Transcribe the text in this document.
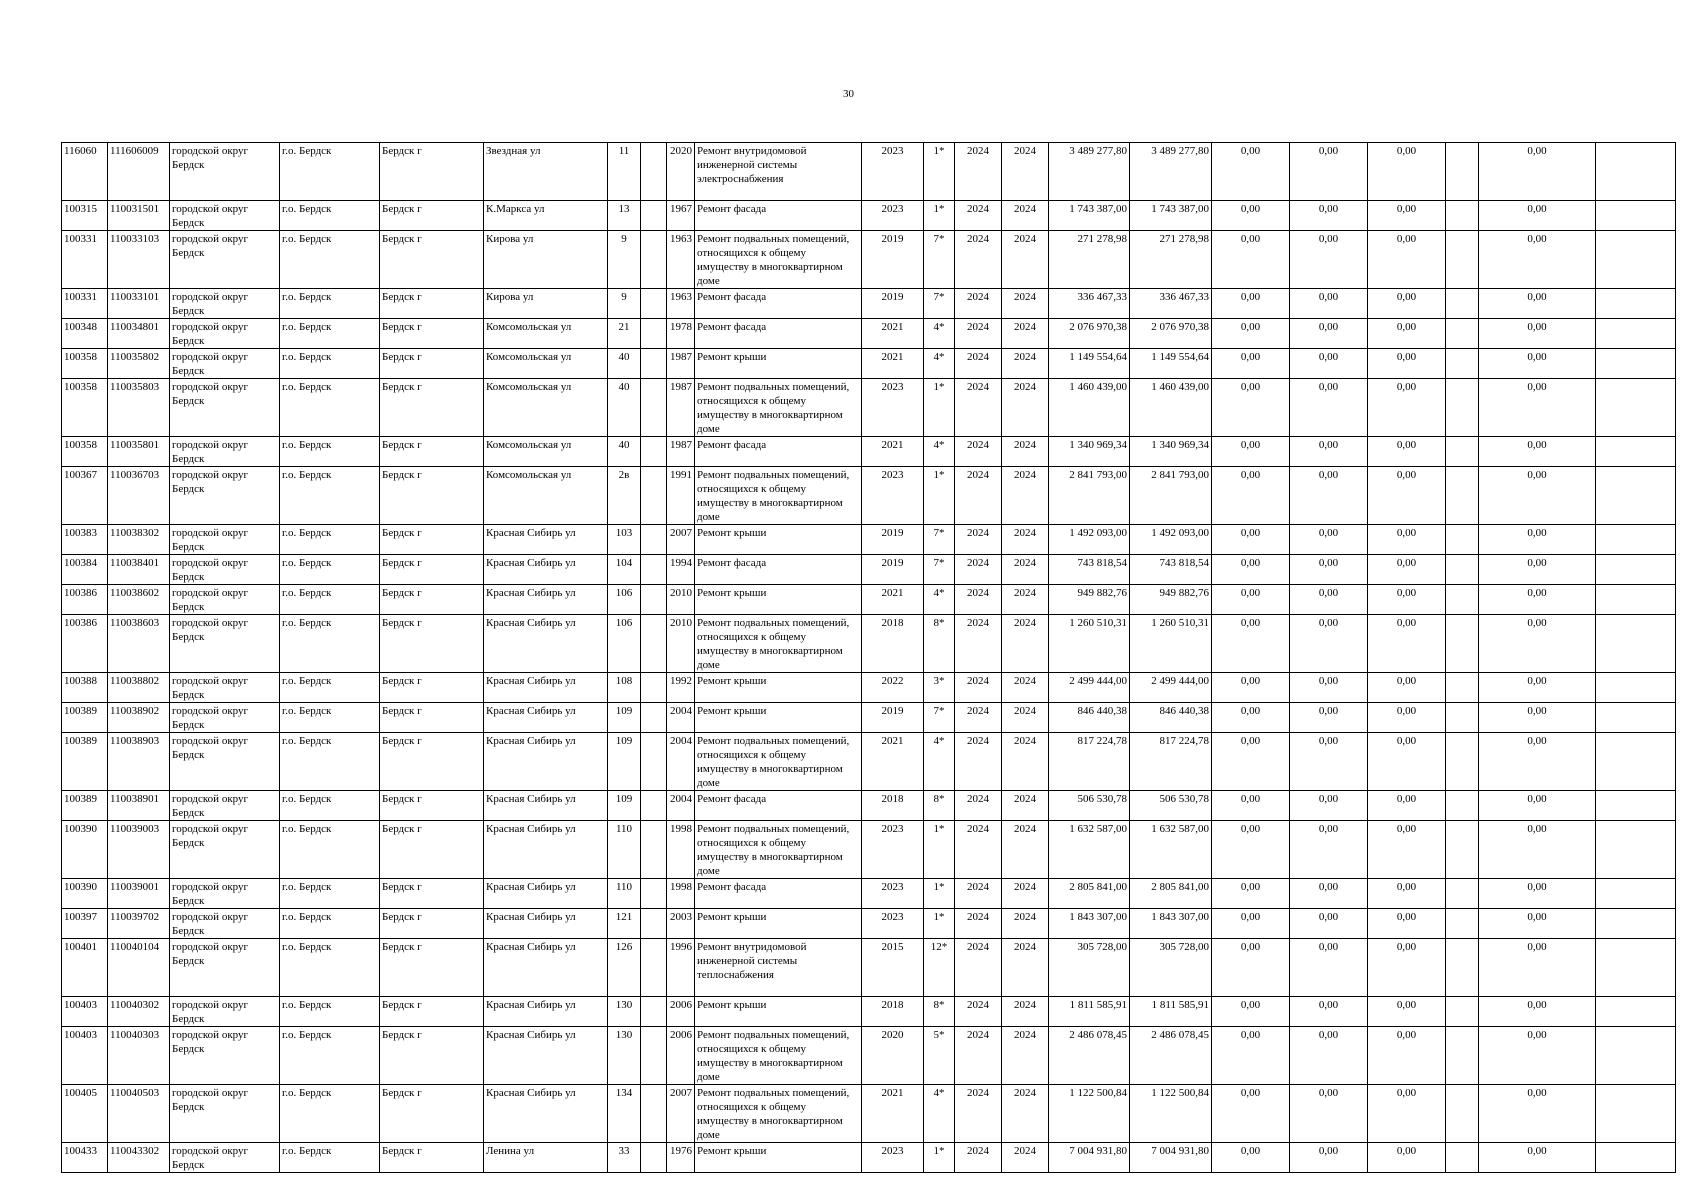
30
116060	111606009	городской округ Бердск	г.о. Бердск	Бердск г	Звездная ул	11		2020	Ремонт внутридомовой инженерной системы электроснабжения	2023	1*	2024	2024	3 489 277,80	3 489 277,80	0,00	0,00	0,00		0,00	
100315	110031501	городской округ Бердск	г.о. Бердск	Бердск г	К.Маркса ул	13		1967	Ремонт фасада	2023	1*	2024	2024	1 743 387,00	1 743 387,00	0,00	0,00	0,00		0,00	
100331	110033103	городской округ Бердск	г.о. Бердск	Бердск г	Кирова ул	9		1963	Ремонт подвальных помещений, относящихся к общему имуществу в многоквартирном доме	2019	7*	2024	2024	271 278,98	271 278,98	0,00	0,00	0,00		0,00	
100331	110033101	городской округ Бердск	г.о. Бердск	Бердск г	Кирова ул	9		1963	Ремонт фасада	2019	7*	2024	2024	336 467,33	336 467,33	0,00	0,00	0,00		0,00	
100348	110034801	городской округ Бердск	г.о. Бердск	Бердск г	Комсомольская ул	21		1978	Ремонт фасада	2021	4*	2024	2024	2 076 970,38	2 076 970,38	0,00	0,00	0,00		0,00	
100358	110035802	городской округ Бердск	г.о. Бердск	Бердск г	Комсомольская ул	40		1987	Ремонт крыши	2021	4*	2024	2024	1 149 554,64	1 149 554,64	0,00	0,00	0,00		0,00	
100358	110035803	городской округ Бердск	г.о. Бердск	Бердск г	Комсомольская ул	40		1987	Ремонт подвальных помещений, относящихся к общему имуществу в многоквартирном доме	2023	1*	2024	2024	1 460 439,00	1 460 439,00	0,00	0,00	0,00		0,00	
100358	110035801	городской округ Бердск	г.о. Бердск	Бердск г	Комсомольская ул	40		1987	Ремонт фасада	2021	4*	2024	2024	1 340 969,34	1 340 969,34	0,00	0,00	0,00		0,00	
100367	110036703	городской округ Бердск	г.о. Бердск	Бердск г	Комсомольская ул	2в		1991	Ремонт подвальных помещений, относящихся к общему имуществу в многоквартирном доме	2023	1*	2024	2024	2 841 793,00	2 841 793,00	0,00	0,00	0,00		0,00	
100383	110038302	городской округ Бердск	г.о. Бердск	Бердск г	Красная Сибирь ул	103		2007	Ремонт крыши	2019	7*	2024	2024	1 492 093,00	1 492 093,00	0,00	0,00	0,00		0,00	
100384	110038401	городской округ Бердск	г.о. Бердск	Бердск г	Красная Сибирь ул	104		1994	Ремонт фасада	2019	7*	2024	2024	743 818,54	743 818,54	0,00	0,00	0,00		0,00	
100386	110038602	городской округ Бердск	г.о. Бердск	Бердск г	Красная Сибирь ул	106		2010	Ремонт крыши	2021	4*	2024	2024	949 882,76	949 882,76	0,00	0,00	0,00		0,00	
100386	110038603	городской округ Бердск	г.о. Бердск	Бердск г	Красная Сибирь ул	106		2010	Ремонт подвальных помещений, относящихся к общему имуществу в многоквартирном доме	2018	8*	2024	2024	1 260 510,31	1 260 510,31	0,00	0,00	0,00		0,00	
100388	110038802	городской округ Бердск	г.о. Бердск	Бердск г	Красная Сибирь ул	108		1992	Ремонт крыши	2022	3*	2024	2024	2 499 444,00	2 499 444,00	0,00	0,00	0,00		0,00	
100389	110038902	городской округ Бердск	г.о. Бердск	Бердск г	Красная Сибирь ул	109		2004	Ремонт крыши	2019	7*	2024	2024	846 440,38	846 440,38	0,00	0,00	0,00		0,00	
100389	110038903	городской округ Бердск	г.о. Бердск	Бердск г	Красная Сибирь ул	109		2004	Ремонт подвальных помещений, относящихся к общему имуществу в многоквартирном доме	2021	4*	2024	2024	817 224,78	817 224,78	0,00	0,00	0,00		0,00	
100389	110038901	городской округ Бердск	г.о. Бердск	Бердск г	Красная Сибирь ул	109		2004	Ремонт фасада	2018	8*	2024	2024	506 530,78	506 530,78	0,00	0,00	0,00		0,00	
100390	110039003	городской округ Бердск	г.о. Бердск	Бердск г	Красная Сибирь ул	110		1998	Ремонт подвальных помещений, относящихся к общему имуществу в многоквартирном доме	2023	1*	2024	2024	1 632 587,00	1 632 587,00	0,00	0,00	0,00		0,00	
100390	110039001	городской округ Бердск	г.о. Бердск	Бердск г	Красная Сибирь ул	110		1998	Ремонт фасада	2023	1*	2024	2024	2 805 841,00	2 805 841,00	0,00	0,00	0,00		0,00	
100397	110039702	городской округ Бердск	г.о. Бердск	Бердск г	Красная Сибирь ул	121		2003	Ремонт крыши	2023	1*	2024	2024	1 843 307,00	1 843 307,00	0,00	0,00	0,00		0,00	
100401	110040104	городской округ Бердск	г.о. Бердск	Бердск г	Красная Сибирь ул	126		1996	Ремонт внутридомовой инженерной системы теплоснабжения	2015	12*	2024	2024	305 728,00	305 728,00	0,00	0,00	0,00		0,00	
100403	110040302	городской округ Бердск	г.о. Бердск	Бердск г	Красная Сибирь ул	130		2006	Ремонт крыши	2018	8*	2024	2024	1 811 585,91	1 811 585,91	0,00	0,00	0,00		0,00	
100403	110040303	городской округ Бердск	г.о. Бердск	Бердск г	Красная Сибирь ул	130		2006	Ремонт подвальных помещений, относящихся к общему имуществу в многоквартирном доме	2020	5*	2024	2024	2 486 078,45	2 486 078,45	0,00	0,00	0,00		0,00	
100405	110040503	городской округ Бердск	г.о. Бердск	Бердск г	Красная Сибирь ул	134		2007	Ремонт подвальных помещений, относящихся к общему имуществу в многоквартирном доме	2021	4*	2024	2024	1 122 500,84	1 122 500,84	0,00	0,00	0,00		0,00	
100433	110043302	городской округ Бердск	г.о. Бердск	Бердск г	Ленина ул	33		1976	Ремонт крыши	2023	1*	2024	2024	7 004 931,80	7 004 931,80	0,00	0,00	0,00		0,00	
